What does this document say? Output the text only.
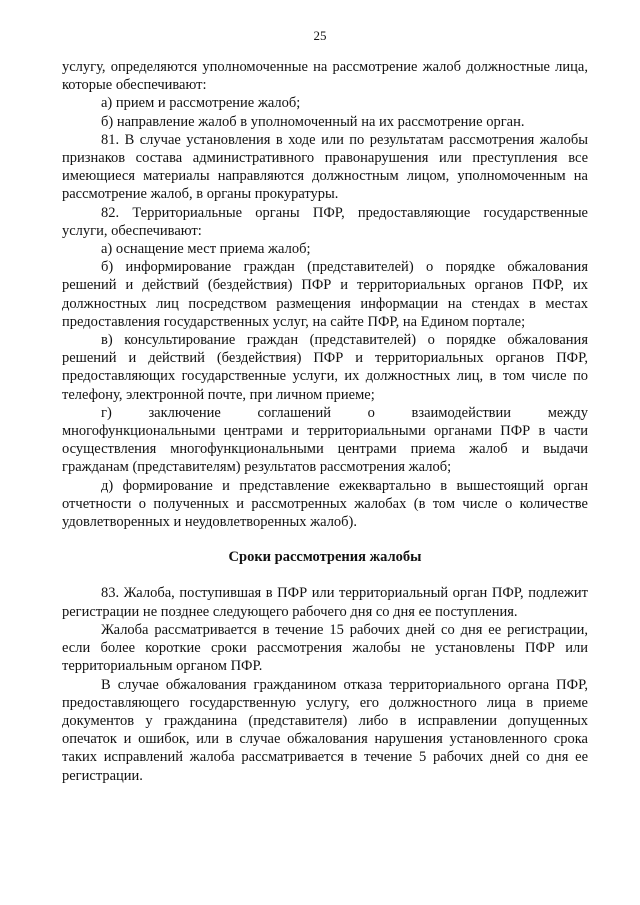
25

услугу, определяются уполномоченные на рассмотрение жалоб должностные лица, которые обеспечивают:

а) прием и рассмотрение жалоб;

б) направление жалоб в уполномоченный на их рассмотрение орган.

81. В случае установления в ходе или по результатам рассмотрения жалобы признаков состава административного правонарушения или преступления все имеющиеся материалы направляются должностным лицом, уполномоченным на рассмотрение жалоб, в органы прокуратуры.

82. Территориальные органы ПФР, предоставляющие государственные услуги, обеспечивают:

а) оснащение мест приема жалоб;

б) информирование граждан (представителей) о порядке обжалования решений и действий (бездействия) ПФР и территориальных органов ПФР, их должностных лиц посредством размещения информации на стендах в местах предоставления государственных услуг, на сайте ПФР, на Едином портале;

в) консультирование граждан (представителей) о порядке обжалования решений и действий (бездействия) ПФР и территориальных органов ПФР, предоставляющих государственные услуги, их должностных лиц, в том числе по телефону, электронной почте, при личном приеме;

г)	заключение	соглашений	о	взаимодействии	между

многофункциональными центрами и территориальными органами ПФР в части осуществления многофункциональными центрами приема жалоб и выдачи гражданам (представителям) результатов рассмотрения жалоб;

д) формирование и представление ежеквартально в вышестоящий орган отчетности о полученных и рассмотренных жалобах (в том числе о количестве удовлетворенных и неудовлетворенных жалоб).

Сроки рассмотрения жалобы

83. Жалоба, поступившая в ПФР или территориальный орган ПФР, подлежит регистрации не позднее следующего рабочего дня со дня ее поступления.

Жалоба рассматривается в течение 15 рабочих дней со дня ее регистрации, если более короткие сроки рассмотрения жалобы не установлены ПФР или территориальным органом ПФР.

В случае обжалования гражданином отказа территориального органа ПФР, предоставляющего государственную услугу, его должностного лица в приеме документов у гражданина (представителя) либо в исправлении допущенных опечаток и ошибок, или в случае обжалования нарушения установленного срока таких исправлений жалоба рассматривается в течение 5 рабочих дней со дня ее регистрации.
